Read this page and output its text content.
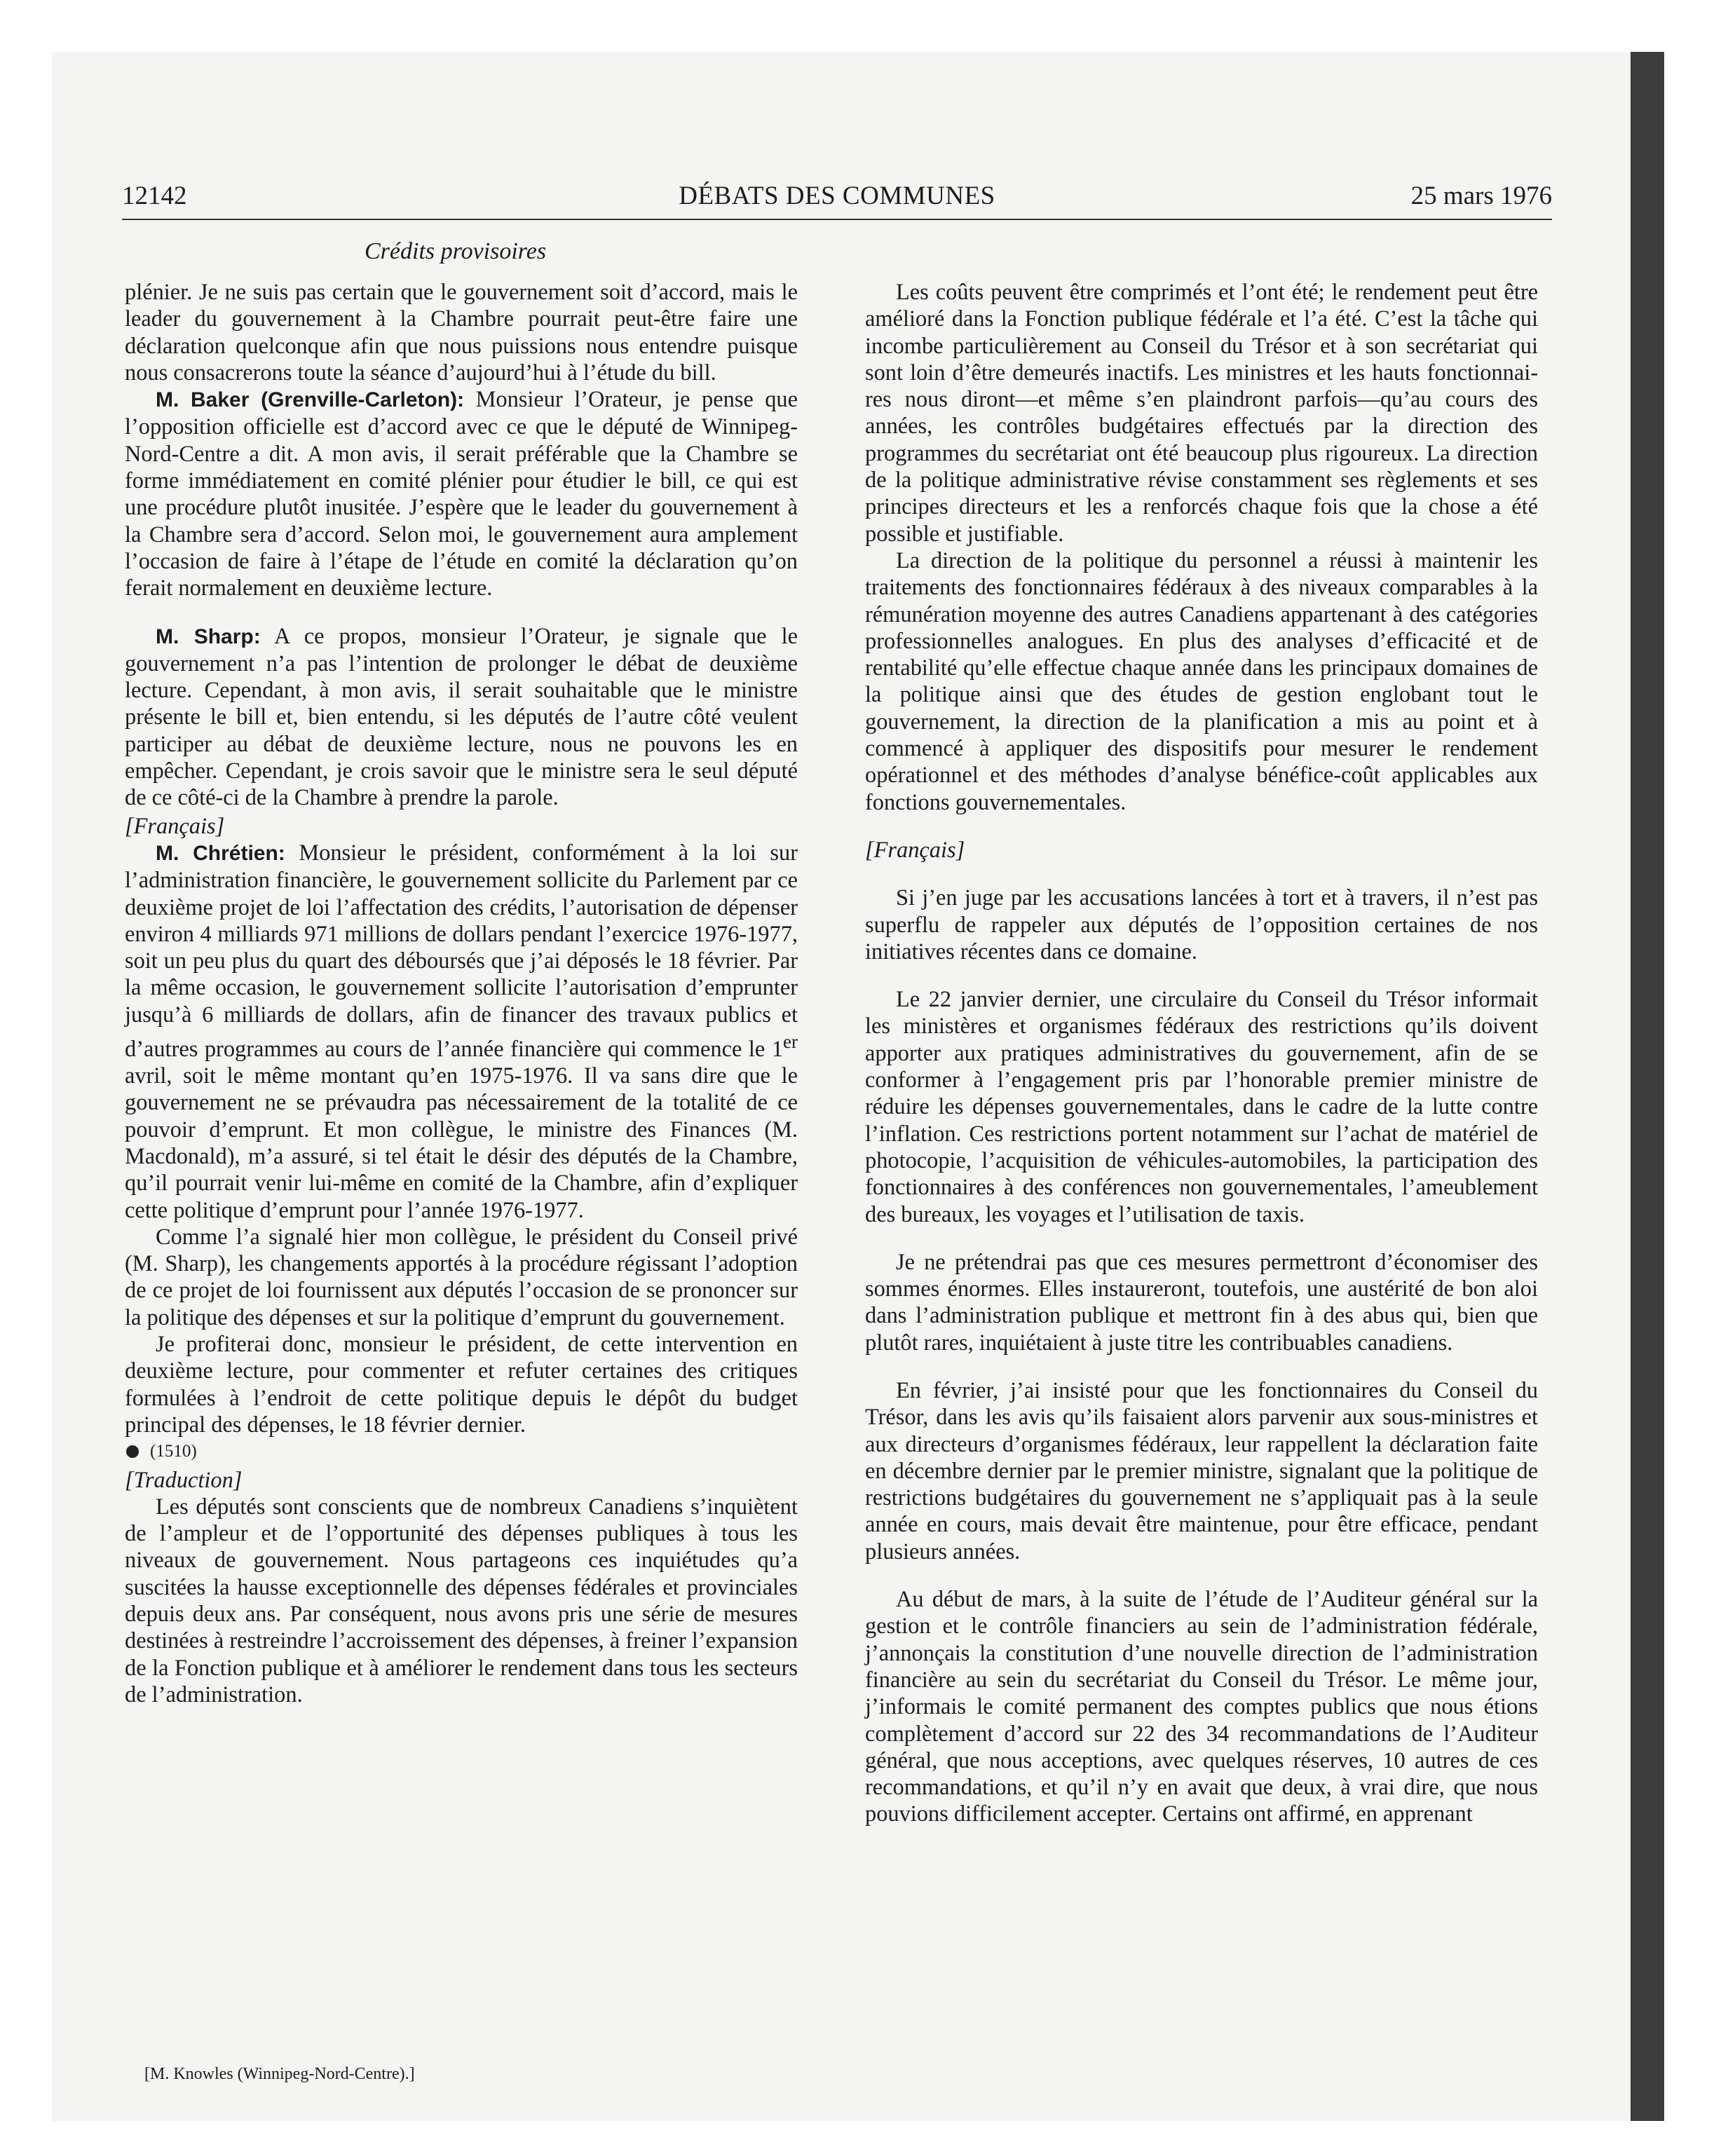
12142	DÉBATS DES COMMUNES	25 mars 1976
Crédits provisoires

plénier. Je ne suis pas certain que le gouvernement soit d’accord, mais le leader du gouvernement à la Chambre pourrait peut-être faire une déclaration quelconque afin que nous puissions nous entendre puisque nous consacrerons toute la séance d’aujourd’hui à l’étude du bill.

M. Baker (Grenville-Carleton): Monsieur l’Orateur, je pense que l’opposition officielle est d’accord avec ce que le député de Winnipeg-Nord-Centre a dit. A mon avis, il serait préférable que la Chambre se forme immédiatement en comité plénier pour étudier le bill, ce qui est une procédure plutôt inusitée. J’espère que le leader du gouvernement à la Chambre sera d’accord. Selon moi, le gouvernement aura amplement l’occasion de faire à l’étape de l’étude en comité la déclaration qu’on ferait normalement en deuxième lecture.

M. Sharp: A ce propos, monsieur l’Orateur, je signale que le gouvernement n’a pas l’intention de prolonger le débat de deuxième lecture. Cependant, à mon avis, il serait souhaitable que le ministre présente le bill et, bien entendu, si les députés de l’autre côté veulent participer au débat de deuxième lecture, nous ne pouvons les en empêcher. Cependant, je crois savoir que le ministre sera le seul député de ce côté-ci de la Chambre à prendre la parole.

[Français]

M. Chrétien: Monsieur le président, conformément à la loi sur l’administration financière, le gouvernement sollicite du Parlement par ce deuxième projet de loi l’affectation des crédits, l’autorisation de dépenser environ 4 milliards 971 millions de dollars pendant l’exercice 1976-1977, soit un peu plus du quart des déboursés que j’ai déposés le 18 février. Par la même occasion, le gouvernement sollicite l’autorisation d’emprunter jusqu’à 6 milliards de dollars, afin de financer des travaux publics et d’autres programmes au cours de l’année financière qui commence le 1er avril, soit le même montant qu’en 1975-1976. Il va sans dire que le gouvernement ne se prévaudra pas nécessairement de la totalité de ce pouvoir d’emprunt. Et mon collègue, le ministre des Finances (M. Macdonald), m’a assuré, si tel était le désir des députés de la Chambre, qu’il pourrait venir lui-même en comité de la Chambre, afin d’expliquer cette politique d’emprunt pour l’année 1976-1977.

Comme l’a signalé hier mon collègue, le président du Conseil privé (M. Sharp), les changements apportés à la procédure régissant l’adoption de ce projet de loi fournissent aux députés l’occasion de se prononcer sur la politique des dépenses et sur la politique d’emprunt du gouvernement.

Je profiterai donc, monsieur le président, de cette intervention en deuxième lecture, pour commenter et refuter certaines des critiques formulées à l’endroit de cette politique depuis le dépôt du budget principal des dépenses, le 18 février dernier.

(1510)

[Traduction]

Les députés sont conscients que de nombreux Canadiens s’inquiètent de l’ampleur et de l’opportunité des dépenses publiques à tous les niveaux de gouvernement. Nous partageons ces inquiétudes qu’a suscitées la hausse exceptionnelle des dépenses fédérales et provinciales depuis deux ans. Par conséquent, nous avons pris une série de mesures destinées à restreindre l’accroissement des dépenses, à freiner l’expansion de la Fonction publique et à améliorer le rendement dans tous les secteurs de l’administration.

Les coûts peuvent être comprimés et l’ont été; le rendement peut être amélioré dans la Fonction publique fédérale et l’a été. C’est la tâche qui incombe particulièrement au Conseil du Trésor et à son secrétariat qui sont loin d’être demeurés inactifs. Les ministres et les hauts fonctionnaires nous diront—et même s’en plaindront parfois—qu’au cours des années, les contrôles budgétaires effectués par la direction des programmes du secrétariat ont été beaucoup plus rigoureux. La direction de la politique administrative révise constamment ses règlements et ses principes directeurs et les a renforcés chaque fois que la chose a été possible et justifiable.

La direction de la politique du personnel a réussi à maintenir les traitements des fonctionnaires fédéraux à des niveaux comparables à la rémunération moyenne des autres Canadiens appartenant à des catégories professionnelles analogues. En plus des analyses d’efficacité et de rentabilité qu’elle effectue chaque année dans les principaux domaines de la politique ainsi que des études de gestion englobant tout le gouvernement, la direction de la planification a mis au point et à commencé à appliquer des dispositifs pour mesurer le rendement opérationnel et des méthodes d’analyse bénéfice-coût applicables aux fonctions gouvernementales.

[Français]

Si j’en juge par les accusations lancées à tort et à travers, il n’est pas superflu de rappeler aux députés de l’opposition certaines de nos initiatives récentes dans ce domaine.

Le 22 janvier dernier, une circulaire du Conseil du Trésor informait les ministères et organismes fédéraux des restrictions qu’ils doivent apporter aux pratiques administratives du gouvernement, afin de se conformer à l’engagement pris par l’honorable premier ministre de réduire les dépenses gouvernementales, dans le cadre de la lutte contre l’inflation. Ces restrictions portent notamment sur l’achat de matériel de photocopie, l’acquisition de véhicules-automobiles, la participation des fonctionnaires à des conférences non gouvernementales, l’ameublement des bureaux, les voyages et l’utilisation de taxis.

Je ne prétendrai pas que ces mesures permettront d’économiser des sommes énormes. Elles instaureront, toutefois, une austérité de bon aloi dans l’administration publique et mettront fin à des abus qui, bien que plutôt rares, inquiétaient à juste titre les contribuables canadiens.

En février, j’ai insisté pour que les fonctionnaires du Conseil du Trésor, dans les avis qu’ils faisaient alors parvenir aux sous-ministres et aux directeurs d’organismes fédéraux, leur rappellent la déclaration faite en décembre dernier par le premier ministre, signalant que la politique de restrictions budgétaires du gouvernement ne s’appliquait pas à la seule année en cours, mais devait être maintenue, pour être efficace, pendant plusieurs années.

Au début de mars, à la suite de l’étude de l’Auditeur général sur la gestion et le contrôle financiers au sein de l’administration fédérale, j’annonçais la constitution d’une nouvelle direction de l’administration financière au sein du secrétariat du Conseil du Trésor. Le même jour, j’informais le comité permanent des comptes publics que nous étions complètement d’accord sur 22 des 34 recommandations de l’Auditeur général, que nous acceptions, avec quelques réserves, 10 autres de ces recommandations, et qu’il n’y en avait que deux, à vrai dire, que nous pouvions difficilement accepter. Certains ont affirmé, en apprenant

[M. Knowles (Winnipeg-Nord-Centre).]
